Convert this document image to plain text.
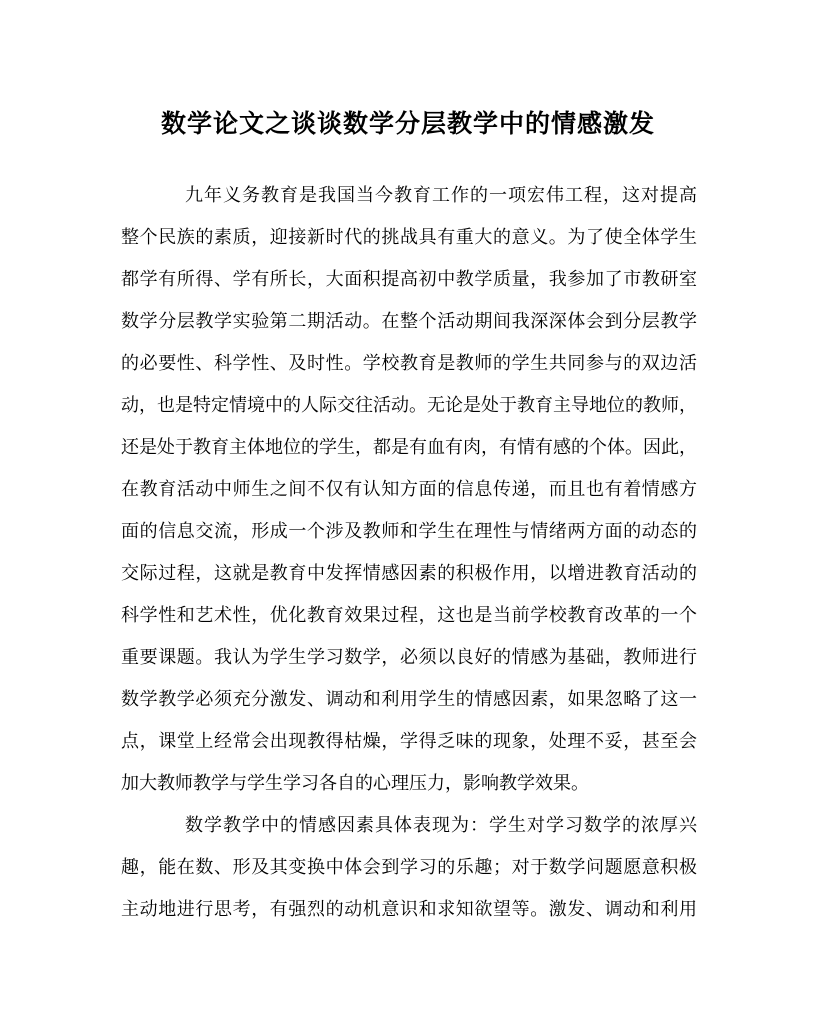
数学论文之谈谈数学分层教学中的情感激发

九年义务教育是我国当今教育工作的一项宏伟工程，这对提高

整个民族的素质，迎接新时代的挑战具有重大的意义。为了使全体学生

都学有所得、学有所长，大面积提高初中教学质量，我参加了市教研室

数学分层教学实验第二期活动。在整个活动期间我深深体会到分层教学

的必要性、科学性、及时性。学校教育是教师的学生共同参与的双边活

动，也是特定情境中的人际交往活动。无论是处于教育主导地位的教师，

还是处于教育主体地位的学生，都是有血有肉，有情有感的个体。因此，

在教育活动中师生之间不仅有认知方面的信息传递，而且也有着情感方

面的信息交流，形成一个涉及教师和学生在理性与情绪两方面的动态的

交际过程，这就是教育中发挥情感因素的积极作用，以增进教育活动的

科学性和艺术性，优化教育效果过程，这也是当前学校教育改革的一个

重要课题。我认为学生学习数学，必须以良好的情感为基础，教师进行

数学教学必须充分激发、调动和利用学生的情感因素，如果忽略了这一

点，课堂上经常会出现教得枯燥，学得乏味的现象，处理不妥，甚至会

加大教师教学与学生学习各自的心理压力，影响教学效果。

数学教学中的情感因素具体表现为：学生对学习数学的浓厚兴

趣，能在数、形及其变换中体会到学习的乐趣；对于数学问题愿意积极

主动地进行思考，有强烈的动机意识和求知欲望等。激发、调动和利用
